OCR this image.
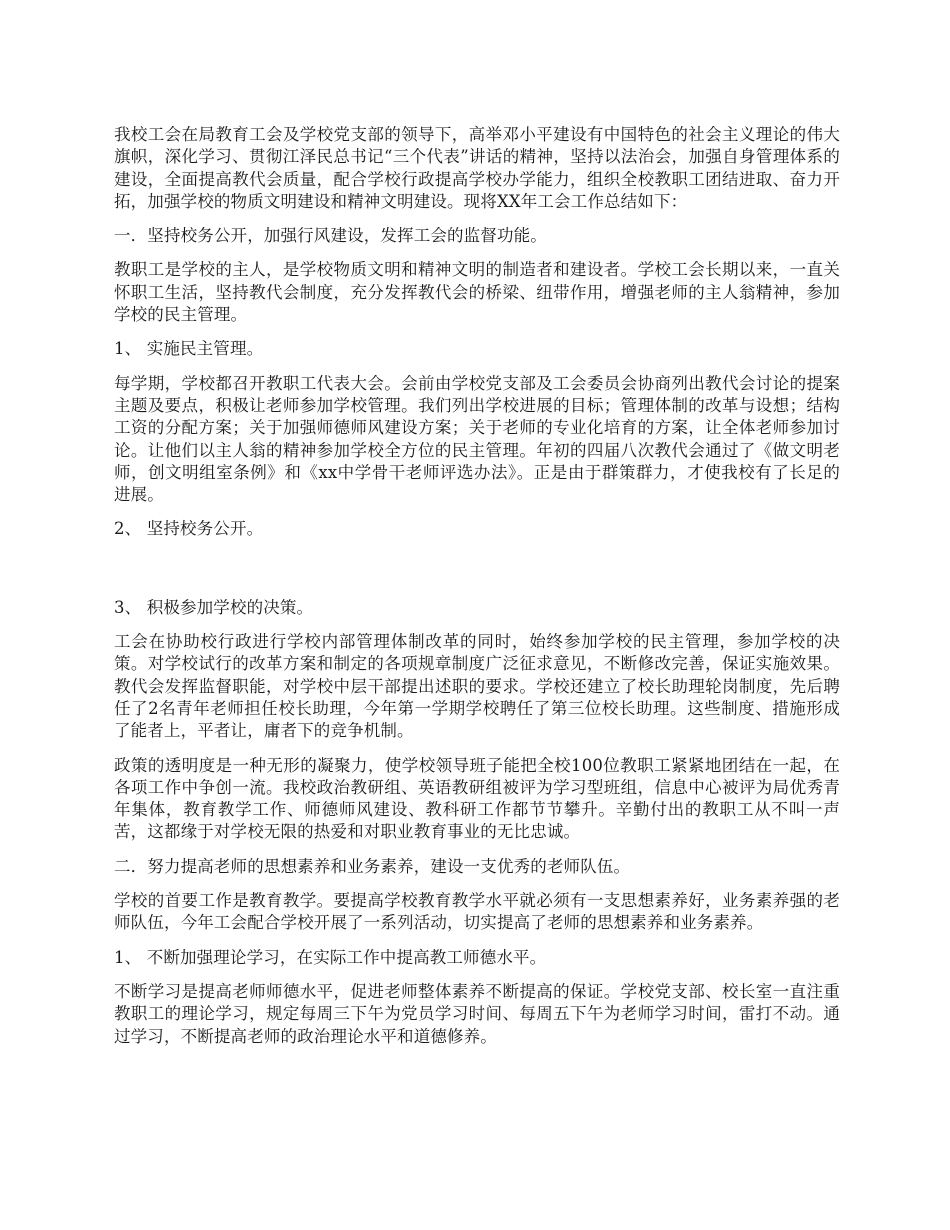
我校工会在局教育工会及学校党支部的领导下，高举邓小平建设有中国特色的社会主义理论的伟大旗帜，深化学习、贯彻江泽民总书记“三个代表”讲话的精神，坚持以法治会，加强自身管理体系的建设，全面提高教代会质量，配合学校行政提高学校办学能力，组织全校教职工团结进取、奋力开拓，加强学校的物质文明建设和精神文明建设。现将XX年工会工作总结如下：

一．坚持校务公开，加强行风建设，发挥工会的监督功能。

教职工是学校的主人，是学校物质文明和精神文明的制造者和建设者。学校工会长期以来，一直关怀职工生活，坚持教代会制度，充分发挥教代会的桥梁、纽带作用，增强老师的主人翁精神，参加学校的民主管理。

1、 实施民主管理。

每学期，学校都召开教职工代表大会。会前由学校党支部及工会委员会协商列出教代会讨论的提案主题及要点，积极让老师参加学校管理。我们列出学校进展的目标；管理体制的改革与设想；结构工资的分配方案；关于加强师德师风建设方案；关于老师的专业化培育的方案，让全体老师参加讨论。让他们以主人翁的精神参加学校全方位的民主管理。年初的四届八次教代会通过了《做文明老师，创文明组室条例》和《xx中学骨干老师评选办法》。正是由于群策群力，才使我校有了长足的进展。

2、 坚持校务公开。

3、 积极参加学校的决策。

工会在协助校行政进行学校内部管理体制改革的同时，始终参加学校的民主管理，参加学校的决策。对学校试行的改革方案和制定的各项规章制度广泛征求意见，不断修改完善，保证实施效果。教代会发挥监督职能，对学校中层干部提出述职的要求。学校还建立了校长助理轮岗制度，先后聘任了2名青年老师担任校长助理，今年第一学期学校聘任了第三位校长助理。这些制度、措施形成了能者上，平者让，庸者下的竞争机制。

政策的透明度是一种无形的凝聚力，使学校领导班子能把全校100位教职工紧紧地团结在一起，在各项工作中争创一流。我校政治教研组、英语教研组被评为学习型班组，信息中心被评为局优秀青年集体，教育教学工作、师德师风建设、教科研工作都节节攀升。辛勤付出的教职工从不叫一声苦，这都缘于对学校无限的热爱和对职业教育事业的无比忠诚。

二．努力提高老师的思想素养和业务素养，建设一支优秀的老师队伍。

学校的首要工作是教育教学。要提高学校教育教学水平就必须有一支思想素养好，业务素养强的老师队伍，今年工会配合学校开展了一系列活动，切实提高了老师的思想素养和业务素养。

1、 不断加强理论学习，在实际工作中提高教工师德水平。

不断学习是提高老师师德水平，促进老师整体素养不断提高的保证。学校党支部、校长室一直注重教职工的理论学习，规定每周三下午为党员学习时间、每周五下午为老师学习时间，雷打不动。通过学习，不断提高老师的政治理论水平和道德修养。
